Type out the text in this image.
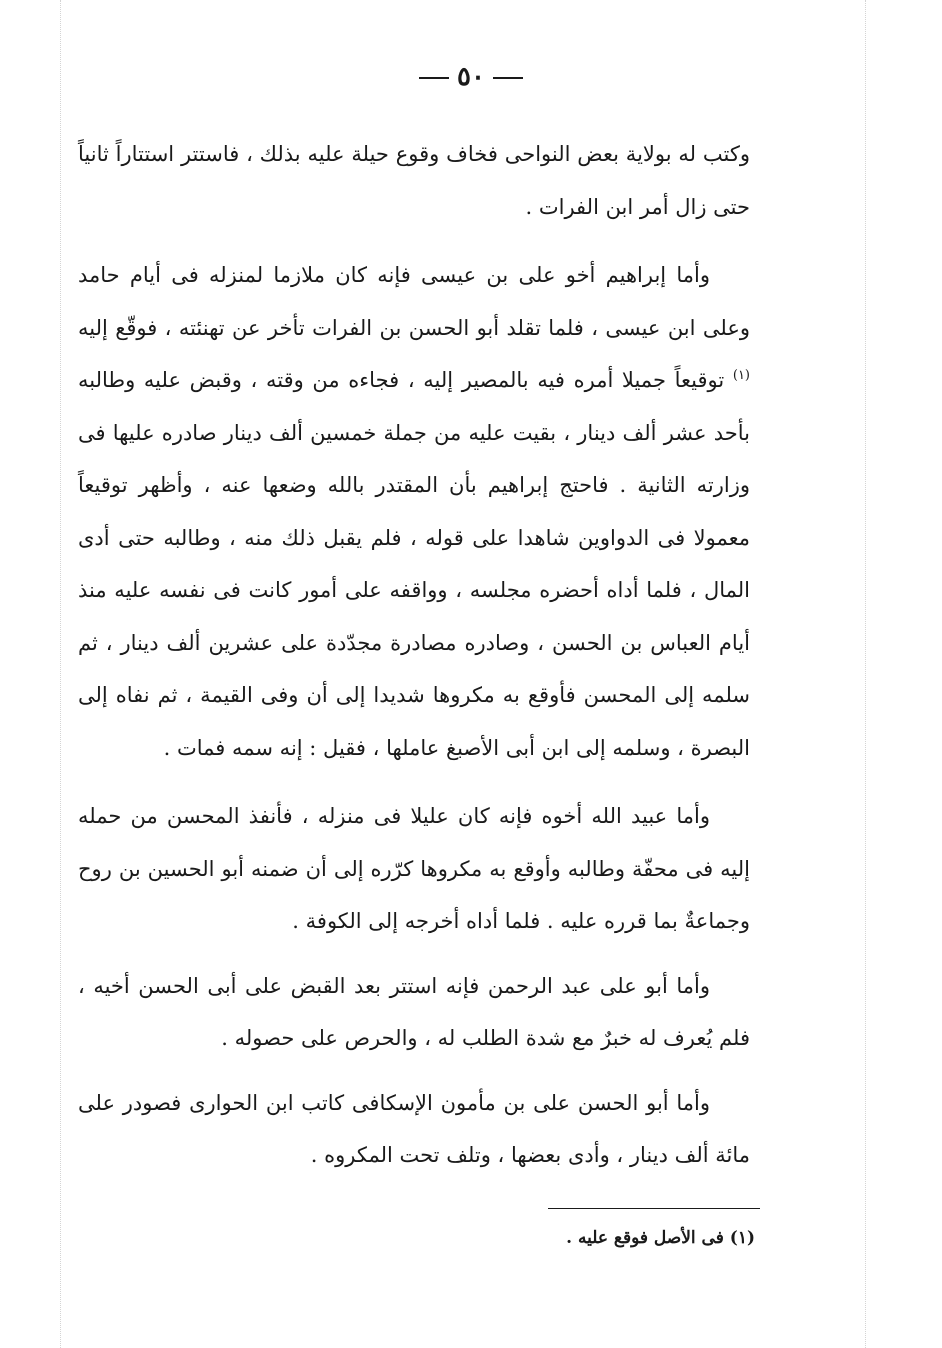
٥٠

وكتب له بولاية بعض النواحى فخاف وقوع حيلة عليه بذلك ، فاستتر استتاراً ثانياً حتى زال أمر ابن الفرات .

وأما إبراهيم أخو على بن عيسى فإنه كان ملازما لمنزله فى أيام حامد وعلى ابن عيسى ، فلما تقلد أبو الحسن بن الفرات تأخر عن تهنئته ، فوقّع إليه $^{(١)}$ توقيعاً جميلا أمره فيه بالمصير إليه ، فجاءه من وقته ، وقبض عليه وطالبه بأحد عشر ألف دينار ، بقيت عليه من جملة خمسين ألف دينار صادره عليها فى وزارته الثانية . فاحتج إبراهيم بأن المقتدر بالله وضعها عنه ، وأظهر توقيعاً معمولا فى الدواوين شاهدا على قوله ، فلم يقبل ذلك منه ، وطالبه حتى أدى المال ، فلما أداه أحضره مجلسه ، وواقفه على أمور كانت فى نفسه عليه منذ أيام العباس بن الحسن ، وصادره مصادرة مجدّدة على عشرين ألف دينار ، ثم سلمه إلى المحسن فأوقع به مكروها شديدا إلى أن وفى القيمة ، ثم نفاه إلى البصرة ، وسلمه إلى ابن أبى الأصبغ عاملها ، فقيل : إنه سمه فمات .

وأما عبيد الله أخوه فإنه كان عليلا فى منزله ، فأنفذ المحسن من حمله إليه فى محفّة وطالبه وأوقع به مكروها كرّره إلى أن ضمنه أبو الحسين بن روح وجماعةٌ بما قرره عليه . فلما أداه أخرجه إلى الكوفة .

وأما أبو على عبد الرحمن فإنه استتر بعد القبض على أبى الحسن أخيه ، فلم يُعرف له خبرٌ مع شدة الطلب له ، والحرص على حصوله .

وأما أبو الحسن على بن مأمون الإسكافى كاتب ابن الحوارى فصودر على مائة ألف دينار ، وأدى بعضها ، وتلف تحت المكروه .

(١) فى الأصل فوقع عليه .
